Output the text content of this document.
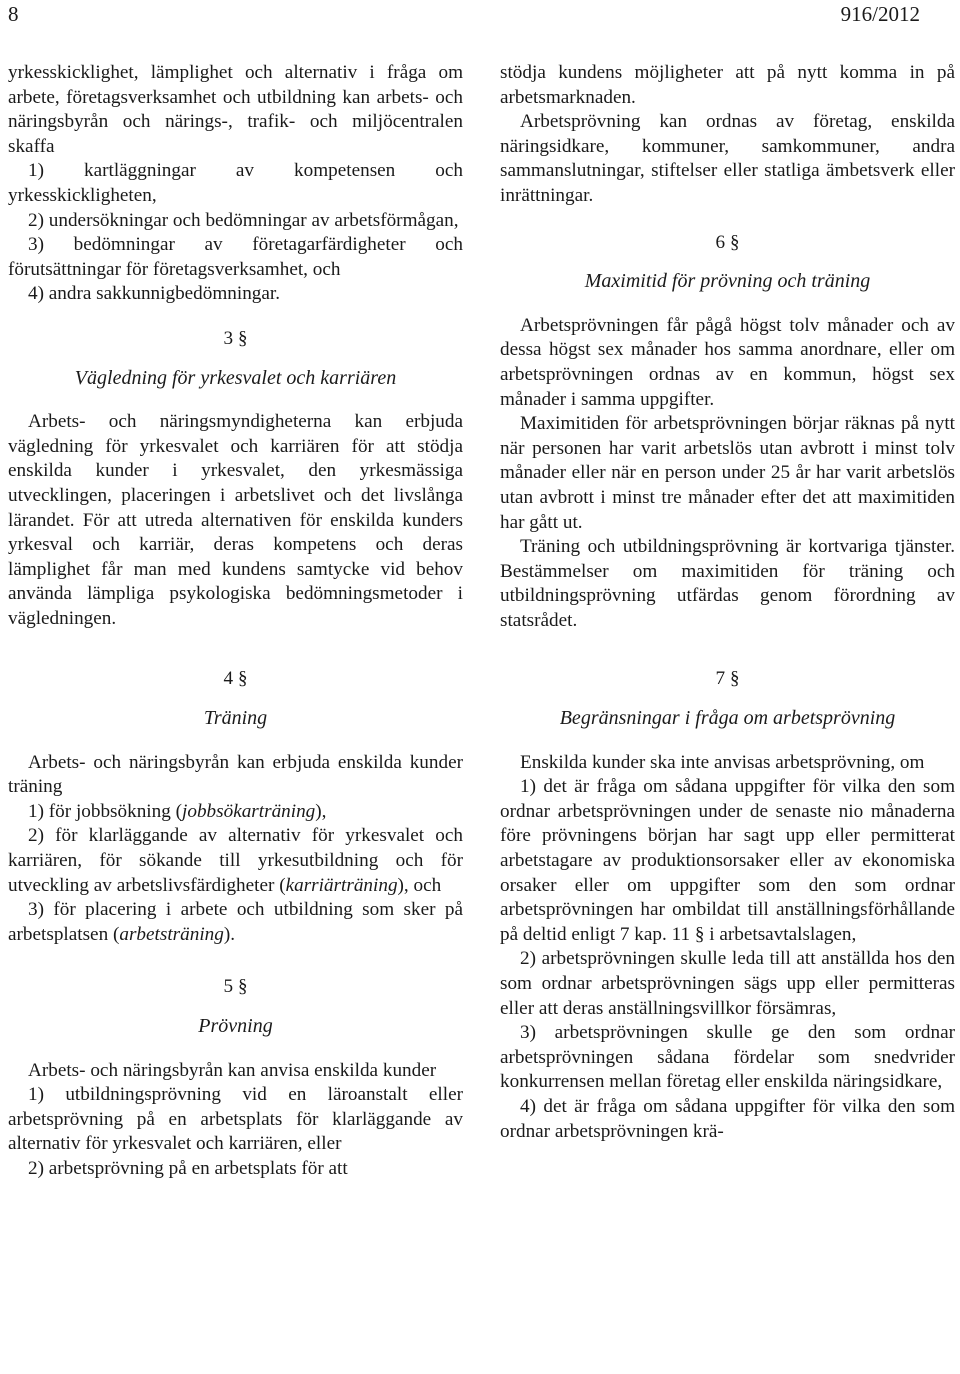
8	916/2012

yrkesskicklighet, lämplighet och alternativ i fråga om arbete, företagsverksamhet och utbildning kan arbets- och näringsbyrån och närings-, trafik- och miljöcentralen skaffa

1) kartläggningar av kompetensen och yrkesskickligheten,

2) undersökningar och bedömningar av arbetsförmågan,

3) bedömningar av företagarfärdigheter och förutsättningar för företagsverksamhet, och

4) andra sakkunnigbedömningar.

3 §
Vägledning för yrkesvalet och karriären

Arbets- och näringsmyndigheterna kan erbjuda vägledning för yrkesvalet och karriären för att stödja enskilda kunder i yrkesvalet, den yrkesmässiga utvecklingen, placeringen i arbetslivet och det livslånga lärandet. För att utreda alternativen för enskilda kunders yrkesval och karriär, deras kompetens och deras lämplighet får man med kundens samtycke vid behov använda lämpliga psykologiska bedömningsmetoder i vägledningen.

4 §
Träning

Arbets- och näringsbyrån kan erbjuda enskilda kunder träning

1) för jobbsökning (jobbsökarträning),

2) för klarläggande av alternativ för yrkesvalet och karriären, för sökande till yrkesutbildning och för utveckling av arbetslivsfärdigheter (karriärträning), och

3) för placering i arbete och utbildning som sker på arbetsplatsen (arbetsträning).

5 §
Prövning

Arbets- och näringsbyrån kan anvisa enskilda kunder

1) utbildningsprövning vid en läroanstalt eller arbetsprövning på en arbetsplats för klarläggande av alternativ för yrkesvalet och karriären, eller

2) arbetsprövning på en arbetsplats för att

stödja kundens möjligheter att på nytt komma in på arbetsmarknaden.

Arbetsprövning kan ordnas av företag, enskilda näringsidkare, kommuner, samkommuner, andra sammanslutningar, stiftelser eller statliga ämbetsverk eller inrättningar.

6 §
Maximitid för prövning och träning

Arbetsprövningen får pågå högst tolv månader och av dessa högst sex månader hos samma anordnare, eller om arbetsprövningen ordnas av en kommun, högst sex månader i samma uppgifter.

Maximitiden för arbetsprövningen börjar räknas på nytt när personen har varit arbetslös utan avbrott i minst tolv månader eller när en person under 25 år har varit arbetslös utan avbrott i minst tre månader efter det att maximitiden har gått ut.

Träning och utbildningsprövning är kortvariga tjänster. Bestämmelser om maximitiden för träning och utbildningsprövning utfärdas genom förordning av statsrådet.

7 §
Begränsningar i fråga om arbetsprövning

Enskilda kunder ska inte anvisas arbetsprövning, om

1) det är fråga om sådana uppgifter för vilka den som ordnar arbetsprövningen under de senaste nio månaderna före prövningens början har sagt upp eller permitterat arbetstagare av produktionsorsaker eller av ekonomiska orsaker eller om uppgifter som den som ordnar arbetsprövningen har ombildat till anställningsförhållande på deltid enligt 7 kap. 11 § i arbetsavtalslagen,

2) arbetsprövningen skulle leda till att anställda hos den som ordnar arbetsprövningen sägs upp eller permitteras eller att deras anställningsvillkor försämras,

3) arbetsprövningen skulle ge den som ordnar arbetsprövningen sådana fördelar som snedvrider konkurrensen mellan företag eller enskilda näringsidkare,

4) det är fråga om sådana uppgifter för vilka den som ordnar arbetsprövningen krä-
